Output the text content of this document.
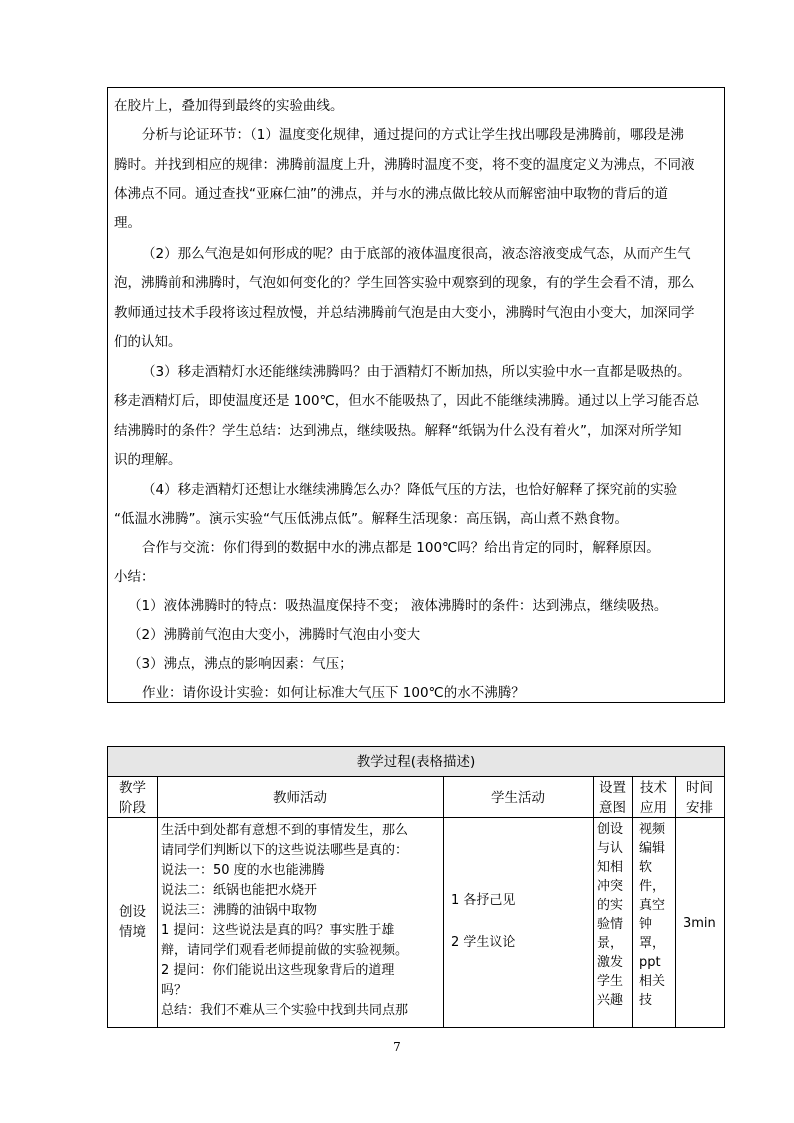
在胶片上，叠加得到最终的实验曲线。
分析与论证环节：（1）温度变化规律，通过提问的方式让学生找出哪段是沸腾前，哪段是沸
腾时。并找到相应的规律：沸腾前温度上升，沸腾时温度不变，将不变的温度定义为沸点，不同液
体沸点不同。通过查找“亚麻仁油”的沸点，并与水的沸点做比较从而解密油中取物的背后的道
理。
（2）那么气泡是如何形成的呢？由于底部的液体温度很高，液态溶液变成气态，从而产生气
泡，沸腾前和沸腾时，气泡如何变化的？学生回答实验中观察到的现象，有的学生会看不清，那么
教师通过技术手段将该过程放慢，并总结沸腾前气泡是由大变小，沸腾时气泡由小变大，加深同学
们的认知。
（3）移走酒精灯水还能继续沸腾吗？由于酒精灯不断加热，所以实验中水一直都是吸热的。
移走酒精灯后，即使温度还是 100℃，但水不能吸热了，因此不能继续沸腾。通过以上学习能否总
结沸腾时的条件？学生总结：达到沸点，继续吸热。解释“纸锅为什么没有着火”，加深对所学知
识的理解。
（4）移走酒精灯还想让水继续沸腾怎么办？降低气压的方法，也恰好解释了探究前的实验
“低温水沸腾”。演示实验“气压低沸点低”。解释生活现象：高压锅，高山煮不熟食物。
合作与交流：你们得到的数据中水的沸点都是 100℃吗？给出肯定的同时，解释原因。
小结：
（1）液体沸腾时的特点：吸热温度保持不变； 液体沸腾时的条件：达到沸点，继续吸热。
（2）沸腾前气泡由大变小，沸腾时气泡由小变大
（3）沸点，沸点的影响因素：气压；
作业：请你设计实验：如何让标准大气压下 100℃的水不沸腾？
教学过程(表格描述)
教学
阶段
教师活动	学生活动
设置
意图
技术
应用
时间
安排
创设
情境
生活中到处都有意想不到的事情发生，那么
请同学们判断以下的这些说法哪些是真的：
说法一：50 度的水也能沸腾
说法二：纸锅也能把水烧开
说法三：沸腾的油锅中取物
1 提问：这些说法是真的吗？事实胜于雄
辩，请同学们观看老师提前做的实验视频。
2 提问：你们能说出这些现象背后的道理
吗？
总结：我们不难从三个实验中找到共同点那
1 各抒己见
2 学生议论
创设
与认
知相
冲突
的实
验情
景，
激发
学生
兴趣
视频
编辑
软
件，
真空
钟
罩，
ppt
相关
技
3min
7
